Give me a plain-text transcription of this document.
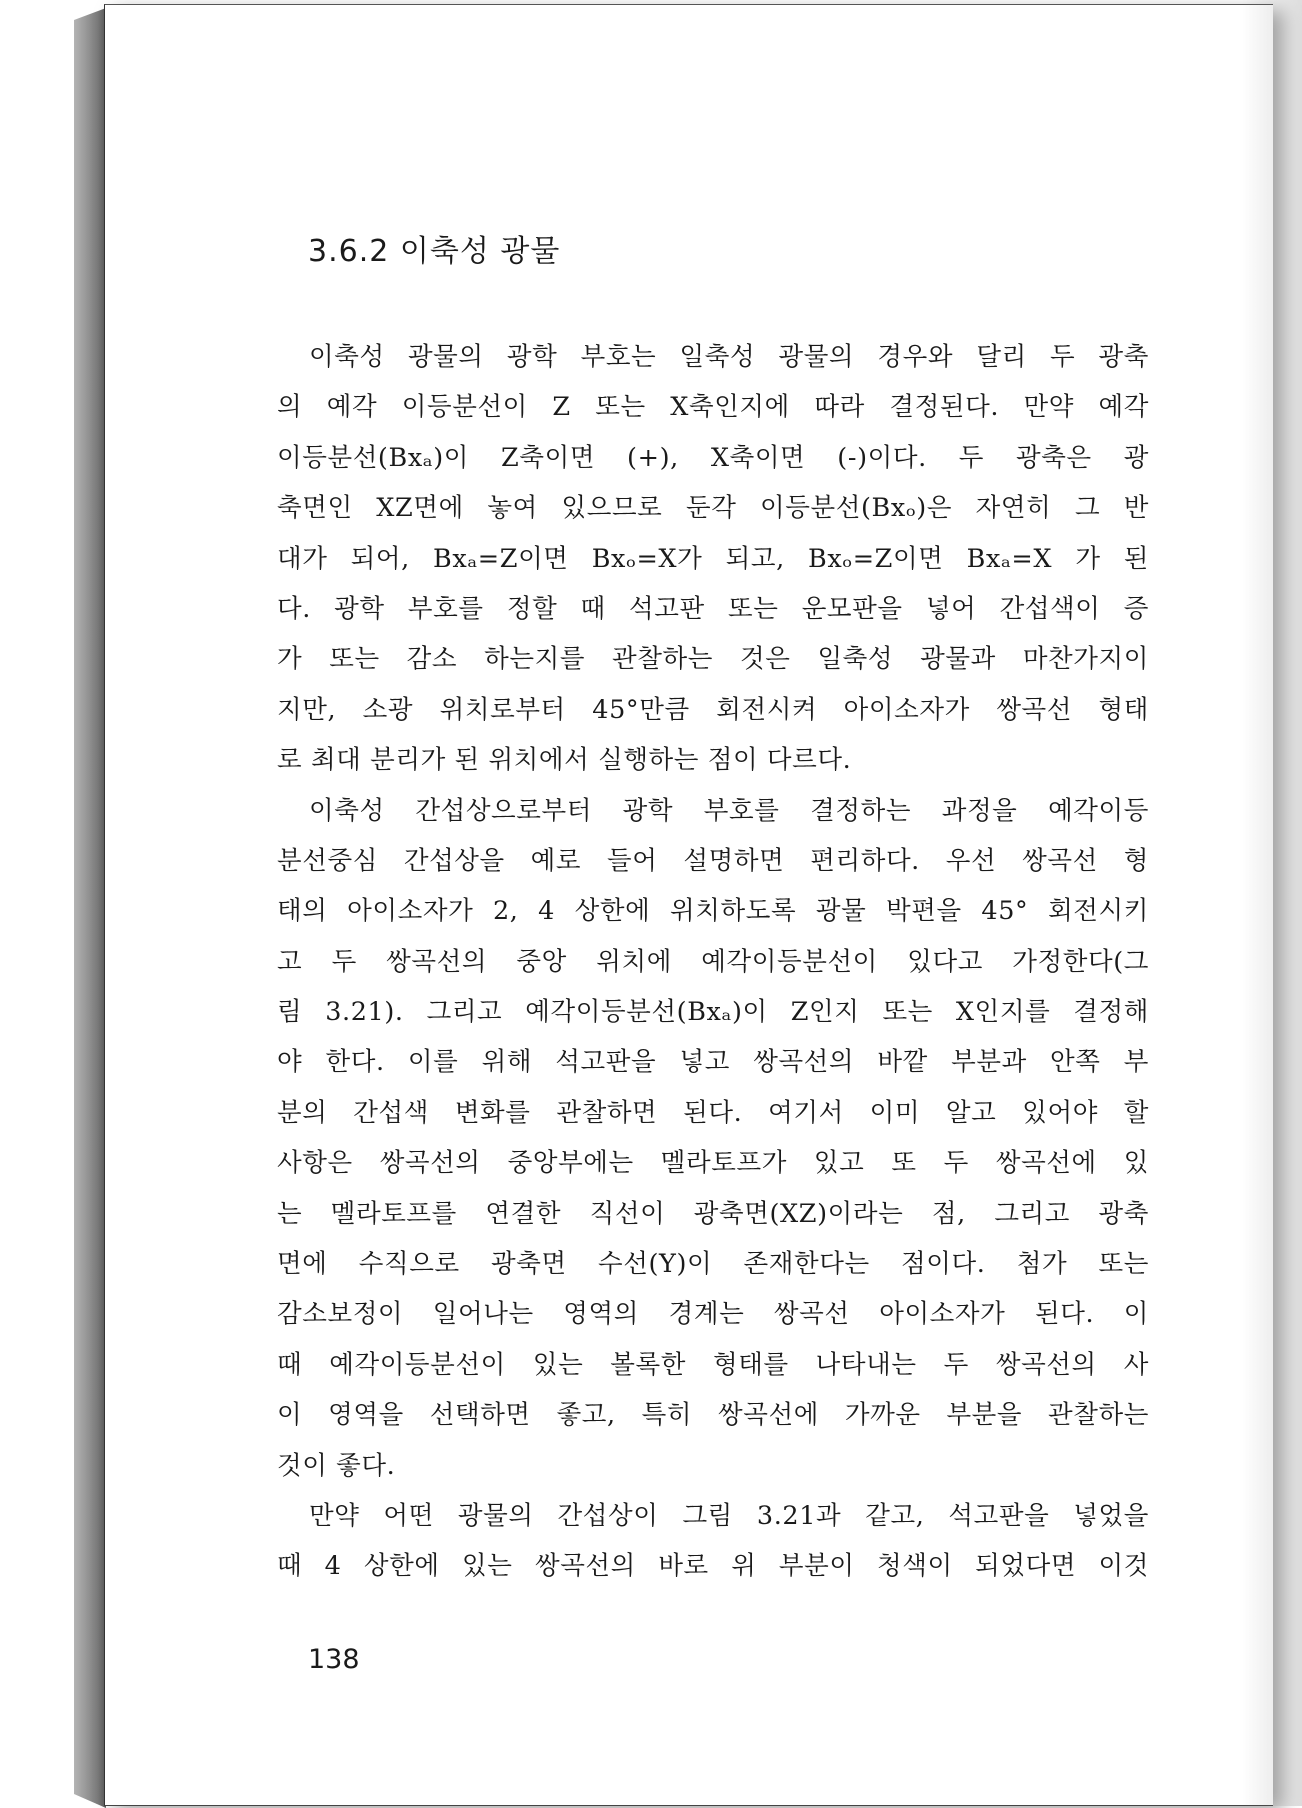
3.6.2 이축성 광물
이축성 광물의 광학 부호는 일축성 광물의 경우와 달리 두 광축
의 예각 이등분선이 Z 또는 X축인지에 따라 결정된다. 만약 예각
이등분선(Bxₐ)이 Z축이면 (+), X축이면 (-)이다. 두 광축은 광
축면인 XZ면에 놓여 있으므로 둔각 이등분선(Bxₒ)은 자연히 그 반
대가 되어, Bxₐ=Z이면 Bxₒ=X가 되고, Bxₒ=Z이면 Bxₐ=X 가 된
다. 광학 부호를 정할 때 석고판 또는 운모판을 넣어 간섭색이 증
가 또는 감소 하는지를 관찰하는 것은 일축성 광물과 마찬가지이
지만, 소광 위치로부터 45°만큼 회전시켜 아이소자가 쌍곡선 형태
로 최대 분리가 된 위치에서 실행하는 점이 다르다.
이축성 간섭상으로부터 광학 부호를 결정하는 과정을 예각이등
분선중심 간섭상을 예로 들어 설명하면 편리하다. 우선 쌍곡선 형
태의 아이소자가 2, 4 상한에 위치하도록 광물 박편을 45° 회전시키
고 두 쌍곡선의 중앙 위치에 예각이등분선이 있다고 가정한다(그
림 3.21). 그리고 예각이등분선(Bxₐ)이 Z인지 또는 X인지를 결정해
야 한다. 이를 위해 석고판을 넣고 쌍곡선의 바깥 부분과 안쪽 부
분의 간섭색 변화를 관찰하면 된다. 여기서 이미 알고 있어야 할
사항은 쌍곡선의 중앙부에는 멜라토프가 있고 또 두 쌍곡선에 있
는 멜라토프를 연결한 직선이 광축면(XZ)이라는 점, 그리고 광축
면에 수직으로 광축면 수선(Y)이 존재한다는 점이다. 첨가 또는
감소보정이 일어나는 영역의 경계는 쌍곡선 아이소자가 된다. 이
때 예각이등분선이 있는 볼록한 형태를 나타내는 두 쌍곡선의 사
이 영역을 선택하면 좋고, 특히 쌍곡선에 가까운 부분을 관찰하는
것이 좋다.
만약 어떤 광물의 간섭상이 그림 3.21과 같고, 석고판을 넣었을
때 4 상한에 있는 쌍곡선의 바로 위 부분이 청색이 되었다면 이것
138
